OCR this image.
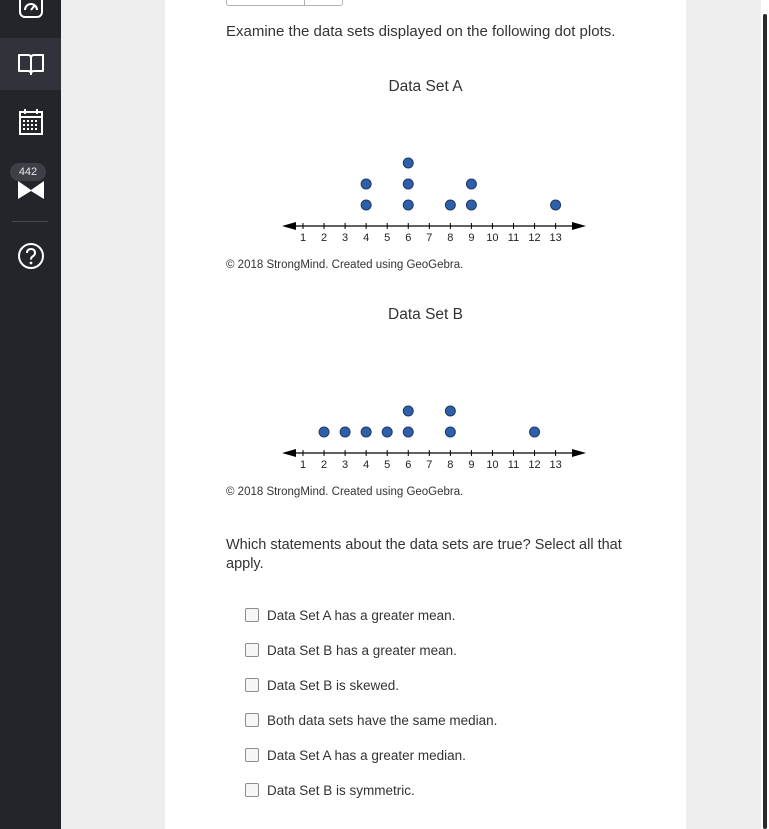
442
Examine the data sets displayed on the following dot plots.
Data Set A
1 2 3 4 5 6 7 8 9 10 11 12 13
© 2018 StrongMind. Created using GeoGebra.
Data Set B
1 2 3 4 5 6 7 8 9 10 11 12 13
© 2018 StrongMind. Created using GeoGebra.
Which statements about the data sets are true? Select all that apply.
Data Set A has a greater mean.
Data Set B has a greater mean.
Data Set B is skewed.
Both data sets have the same median.
Data Set A has a greater median.
Data Set B is symmetric.
